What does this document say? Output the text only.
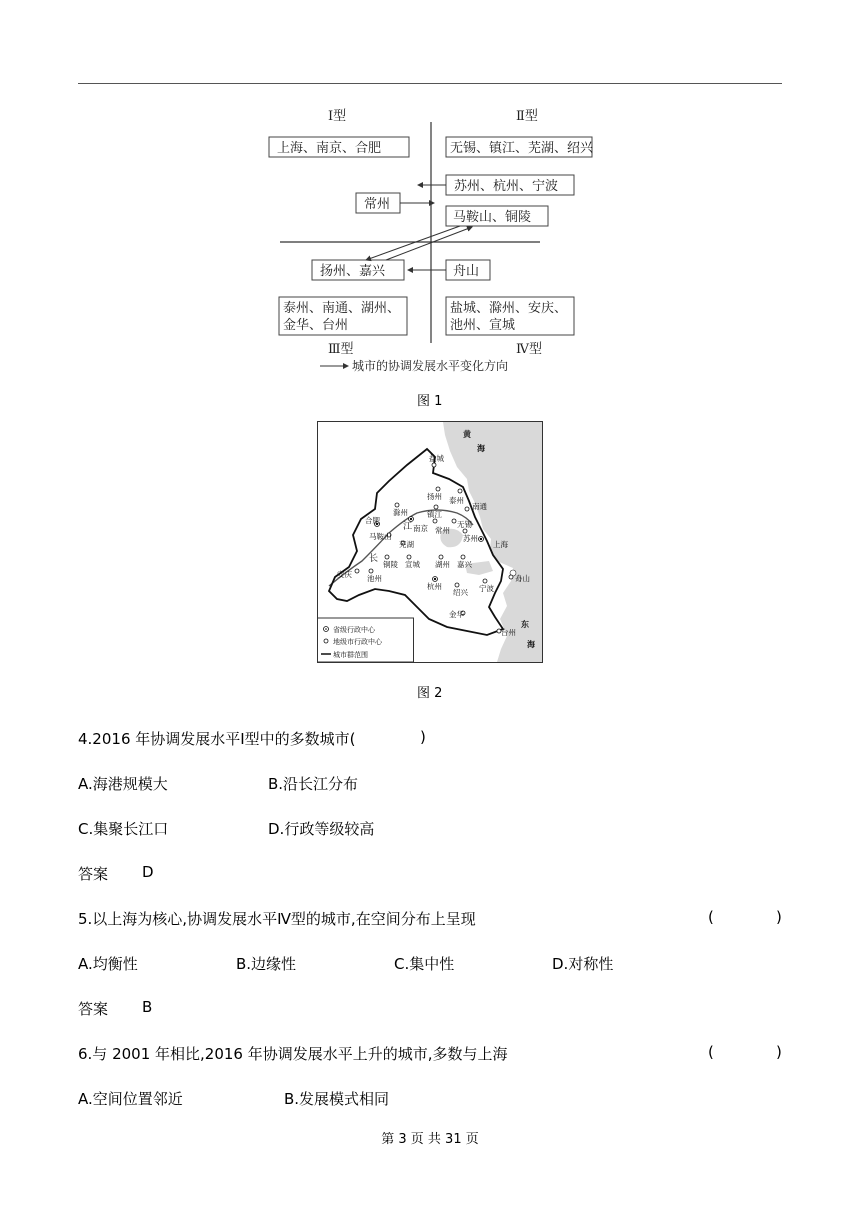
Ⅰ型	Ⅱ型
Ⅲ型	Ⅳ型
上海、南京、合肥	无锡、镇江、芜湖、绍兴
苏州、杭州、宁波
常州
马鞍山、铜陵
扬州、嘉兴	舟山
泰州、南通、湖州、
金华、台州
盐城、滁州、安庆、
池州、宣城
城市的协调发展水平变化方向
图 1
黄
海
东
海
江
长
盐城
扬州 泰州
南通
滁州	镇江
合肥
南京 常州
无锡
苏州
上海
马鞍山
芜湖
铜陵 宣城 湖州 嘉兴
安庆 池州
杭州
绍兴 宁波
舟山
金华
台州
省级行政中心
地级市行政中心
城市群范围
图 2
4.2016 年协调发展水平Ⅰ型中的多数城市(	)
A.海港规模大	B.沿长江分布
C.集聚长江口	D.行政等级较高
答案 D
5.以上海为核心,协调发展水平Ⅳ型的城市,在空间分布上呈现	(	)
A.均衡性	B.边缘性	C.集中性	D.对称性
答案 B
6.与 2001 年相比,2016 年协调发展水平上升的城市,多数与上海	(	)
A.空间位置邻近	B.发展模式相同
第 3 页 共 31 页
